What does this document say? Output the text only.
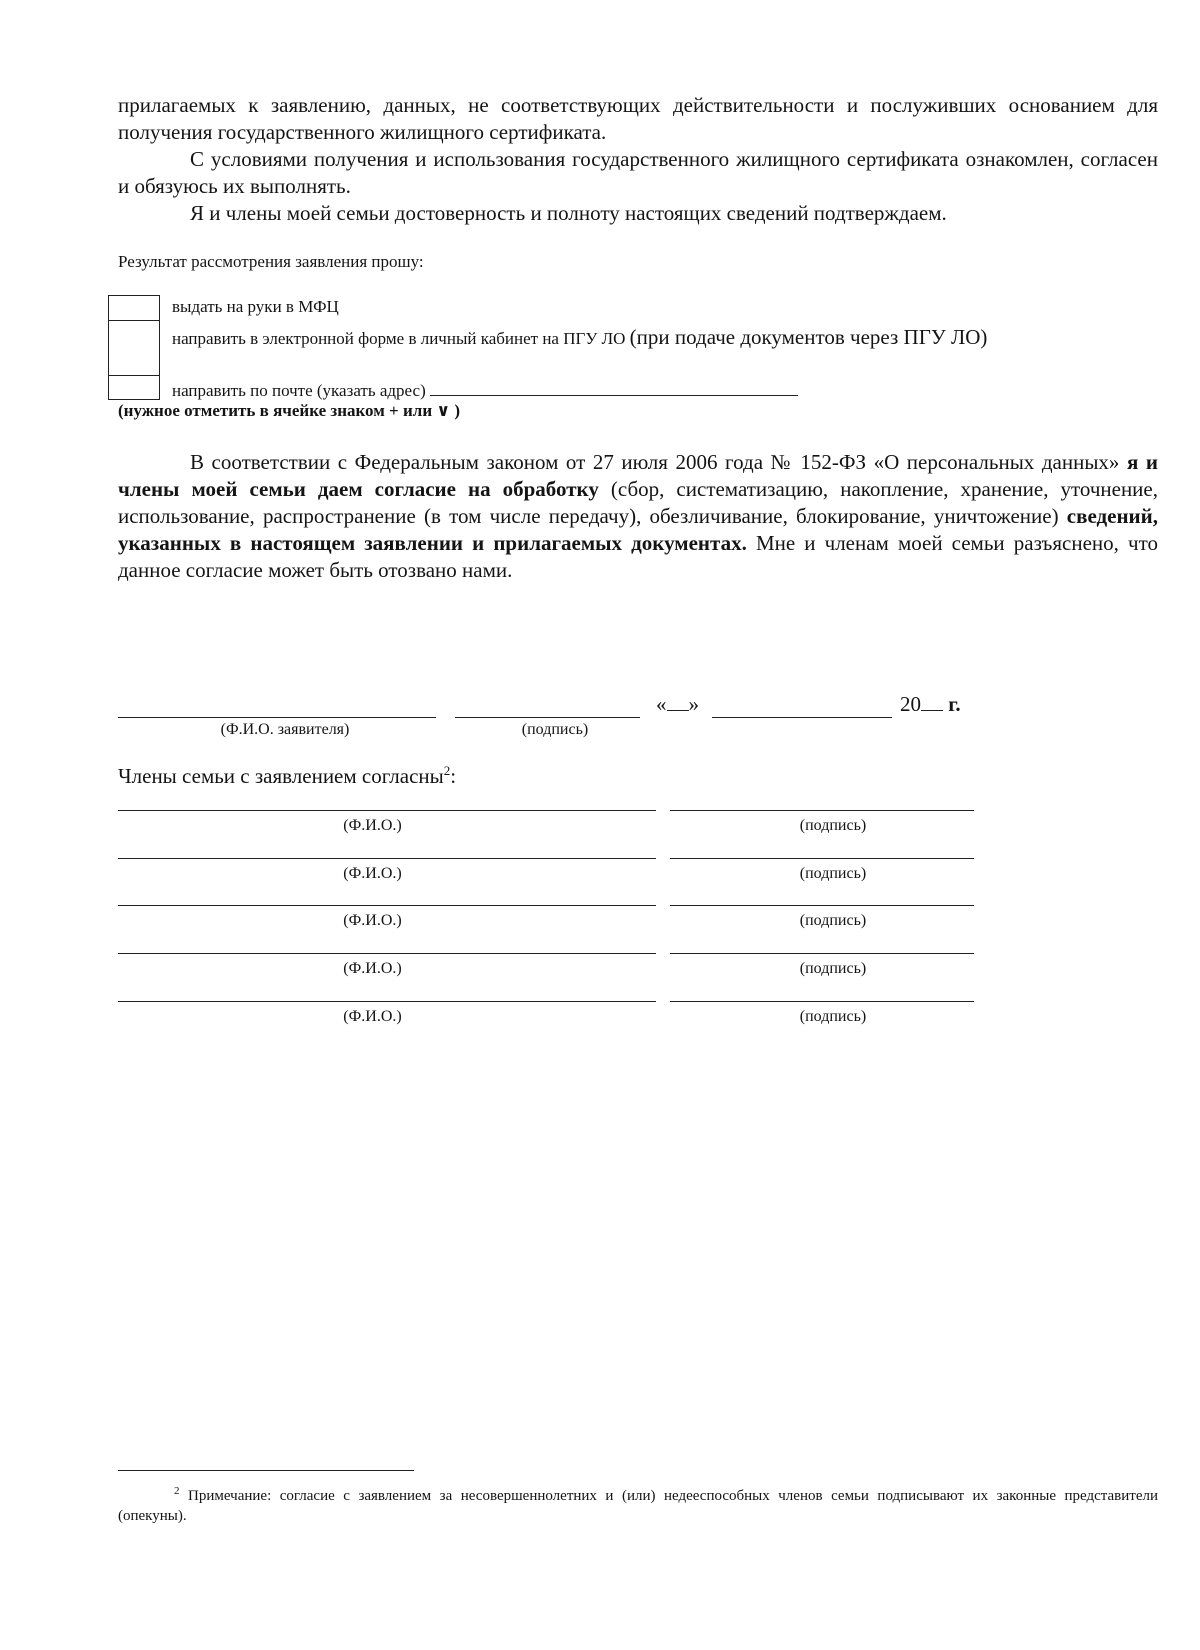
прилагаемых к заявлению, данных, не соответствующих действительности и послуживших основанием для получения государственного жилищного сертификата.
С условиями получения и использования государственного жилищного сертификата ознакомлен, согласен и обязуюсь их выполнять.
Я и члены моей семьи достоверность и полноту настоящих сведений подтверждаем.
Результат рассмотрения заявления прошу:
выдать на руки в МФЦ
направить в электронной форме в личный кабинет на ПГУ ЛО (при подаче документов через ПГУ ЛО)
направить по почте (указать адрес)
(нужное отметить в ячейке знаком + или ∨ )
В соответствии с Федеральным законом от 27 июля 2006 года № 152-ФЗ «О персональных данных» я и члены моей семьи даем согласие на обработку (сбор, систематизацию, накопление, хранение, уточнение, использование, распространение (в том числе передачу), обезличивание, блокирование, уничтожение) сведений, указанных в настоящем заявлении и прилагаемых документах. Мне и членам моей семьи разъяснено, что данное согласие может быть отозвано нами.
« »	20 г.
(Ф.И.О. заявителя)	(подпись)
Члены семьи с заявлением согласны$^2$:
(Ф.И.О.)	(подпись)
(Ф.И.О.)	(подпись)
(Ф.И.О.)	(подпись)
(Ф.И.О.)	(подпись)
(Ф.И.О.)	(подпись)
$^2$ Примечание: согласие с заявлением за несовершеннолетних и (или) недееспособных членов семьи подписывают их законные представители (опекуны).
